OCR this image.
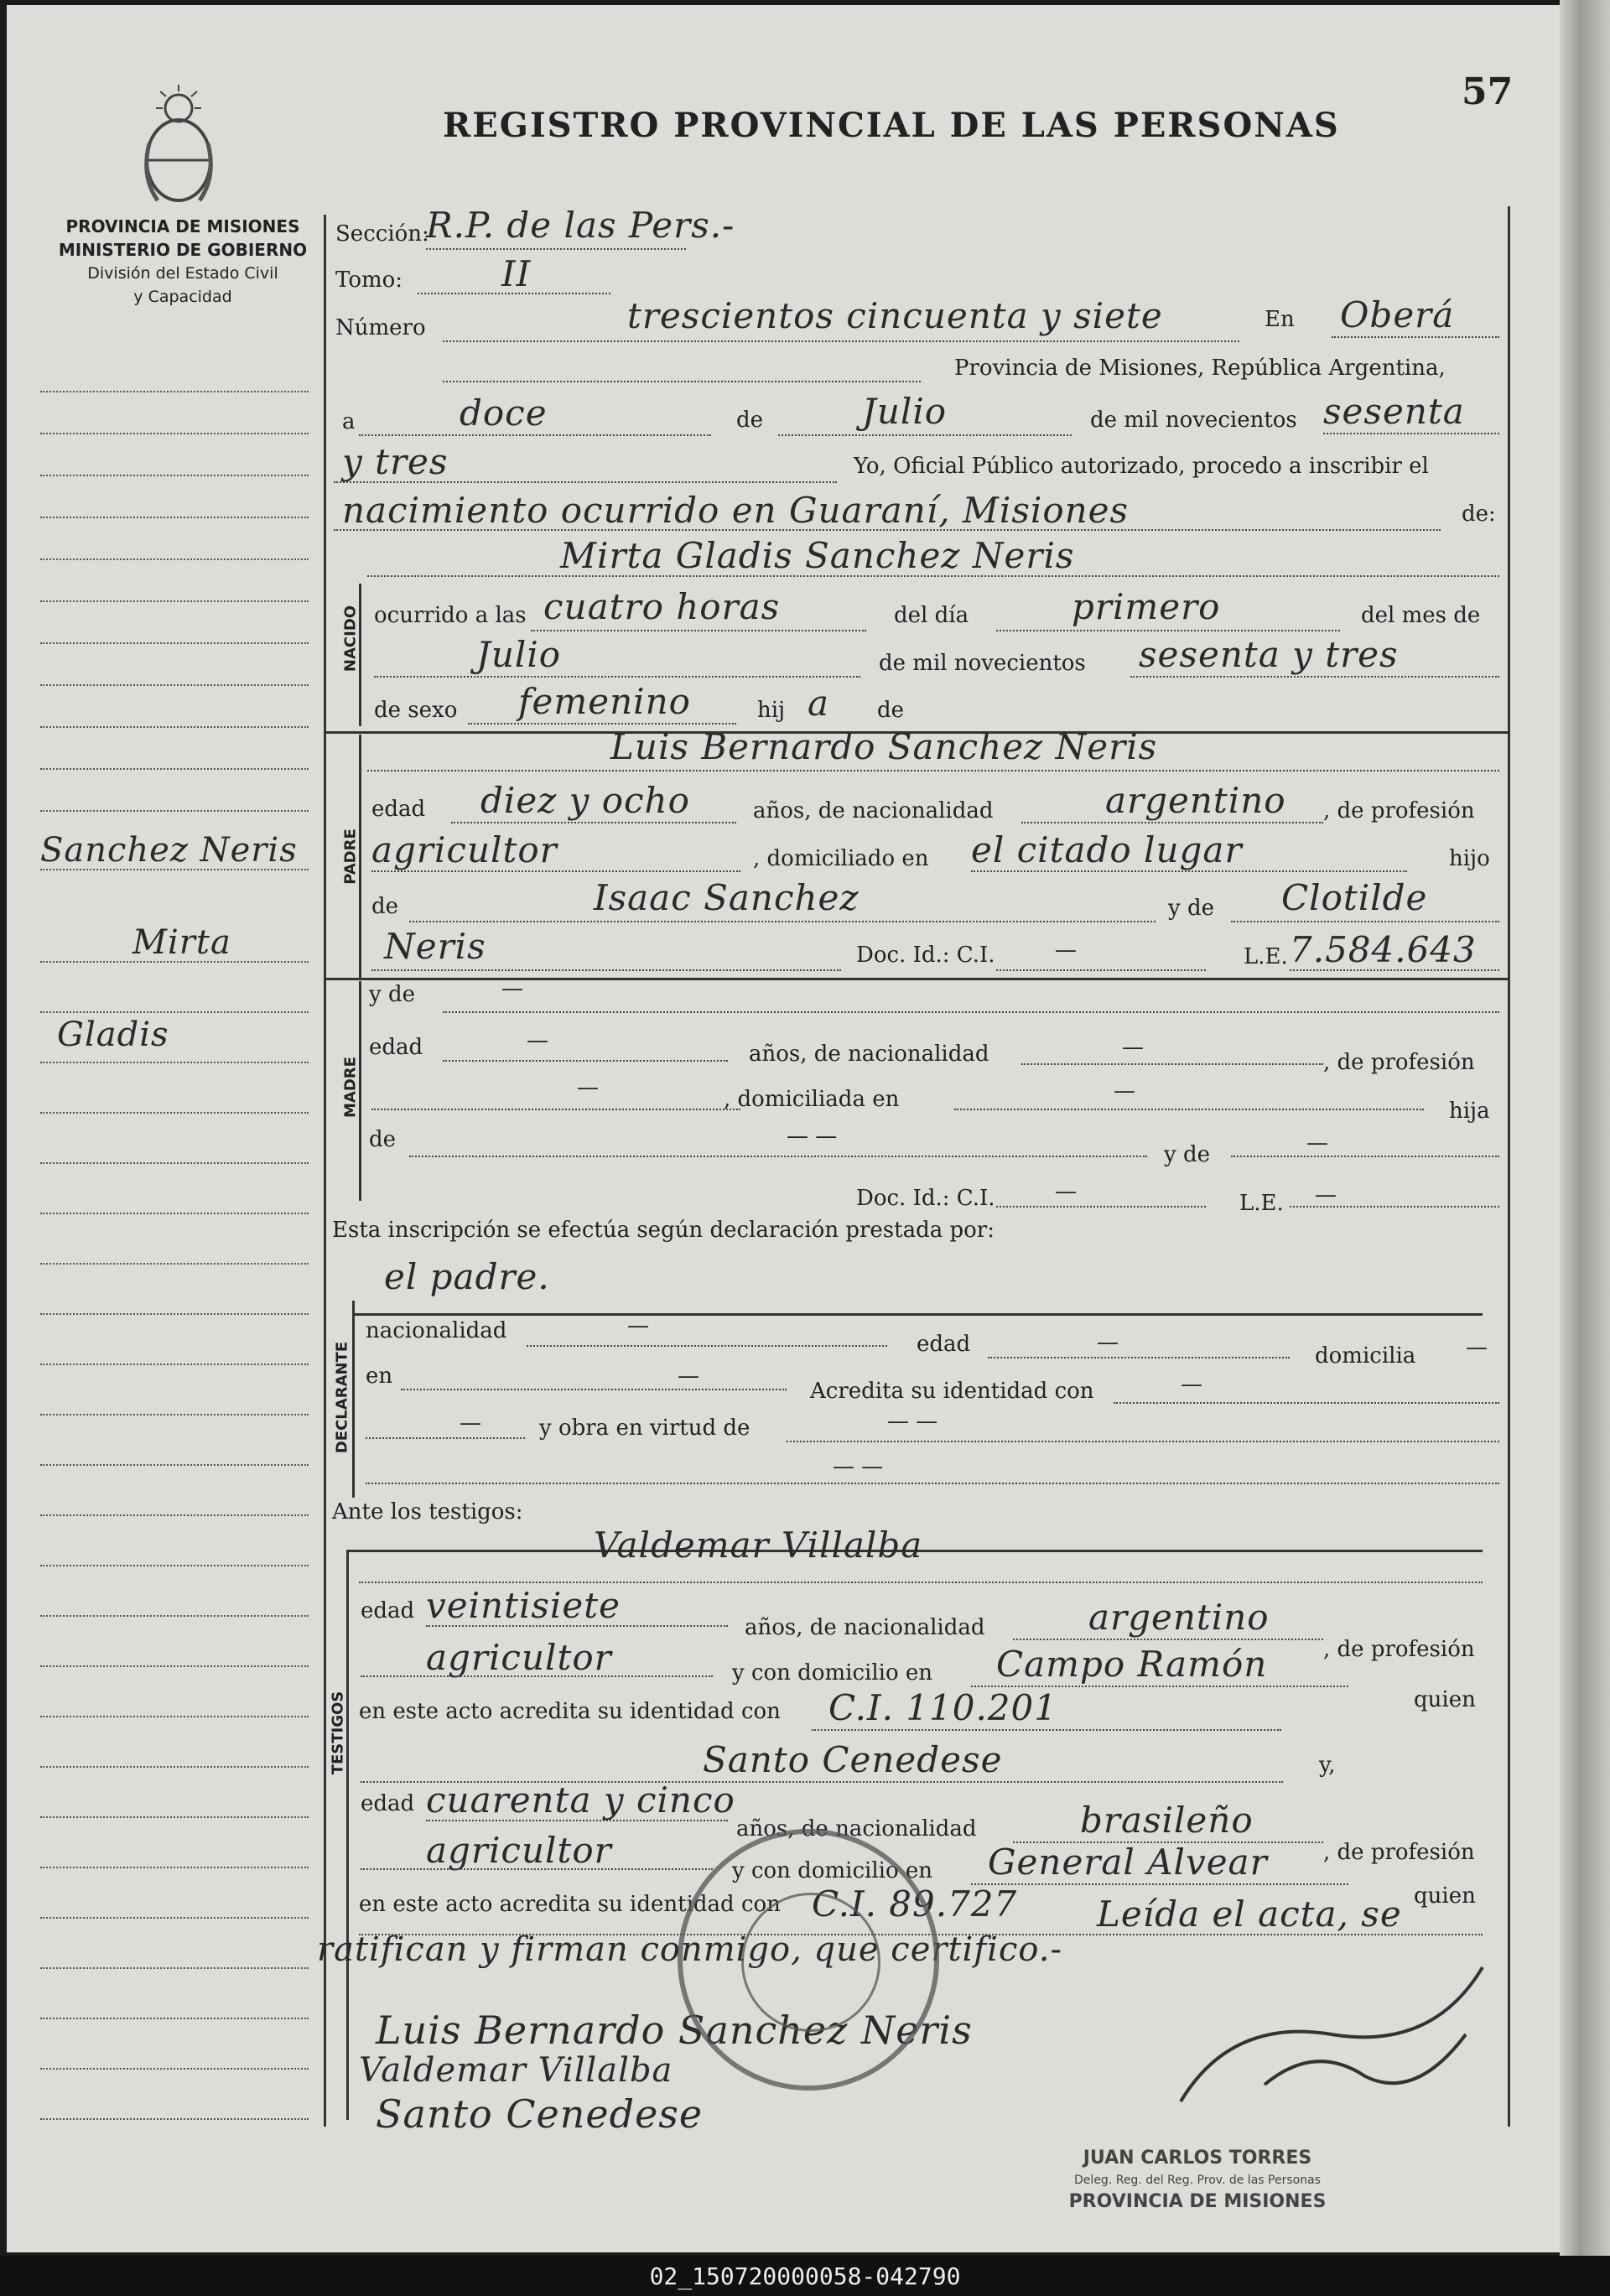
REGISTRO PROVINCIAL DE LAS PERSONAS
57
PROVINCIA DE MISIONES
MINISTERIO DE GOBIERNO
División del Estado Civil
y Capacidad
Sanchez Neris
Mirta
Gladis
Sección:
R.P. de las Pers.-
Tomo:	II
Número	trescientos cincuenta y siete	En Oberá
Provincia de Misiones, República Argentina,
a	doce	de	Julio	de mil novecientos sesenta
y tres	Yo, Oficial Público autorizado, procedo a inscribir el
nacimiento ocurrido en Guaraní, Misiones	de:
Mirta Gladis Sanchez Neris
NACIDO ocurrido a las cuatro horas	del día	primero	del mes de
Julio	de mil novecientos sesenta y tres
de sexo femenino	hij a de
PADRE
Luis Bernardo Sanchez Neris
edad diez y ocho	años, de nacionalidad	argentino , de profesión
agricultor	, domiciliado en el citado lugar	hijo
de	Isaac Sanchez	y de Clotilde
Neris	Doc. Id.: C.I.	—	L.E. 7.584.643
MADRE
y de	—
edad	—
años, de nacionalidad	—
, de profesión
—	, domiciliada en	—
hija
de	— —
y de	—
Doc. Id.: C.I.	—	L.E. —
Esta inscripción se efectúa según declaración prestada por:
el padre.
DECLARANTE
nacionalidad	—
edad	—
domicilia —
en	—
Acredita su identidad con	—
—	y obra en virtud de	— —
— —
Ante los testigos:
TESTIGOS
Valdemar Villalba
edad veintisiete
años, de nacionalidad	argentino
, de profesión
agricultor	y con domicilio en Campo Ramón
quien
en este acto acredita su identidad con C.I. 110.201
Santo Cenedese	y,
edad cuarenta y cinco
años, de nacionalidad	brasileño
, de profesión
agricultor	y con domicilio en General Alvear
quien
en este acto acredita su identidad con C.I. 89.727 Leída el acta, se
ratifican y firman conmigo, que certifico.-
Luis Bernardo Sanchez Neris
Valdemar Villalba
Santo Cenedese
JUAN CARLOS TORRES
Deleg. Reg. del Reg. Prov. de las Personas
PROVINCIA DE MISIONES
02_150720000058-042790
